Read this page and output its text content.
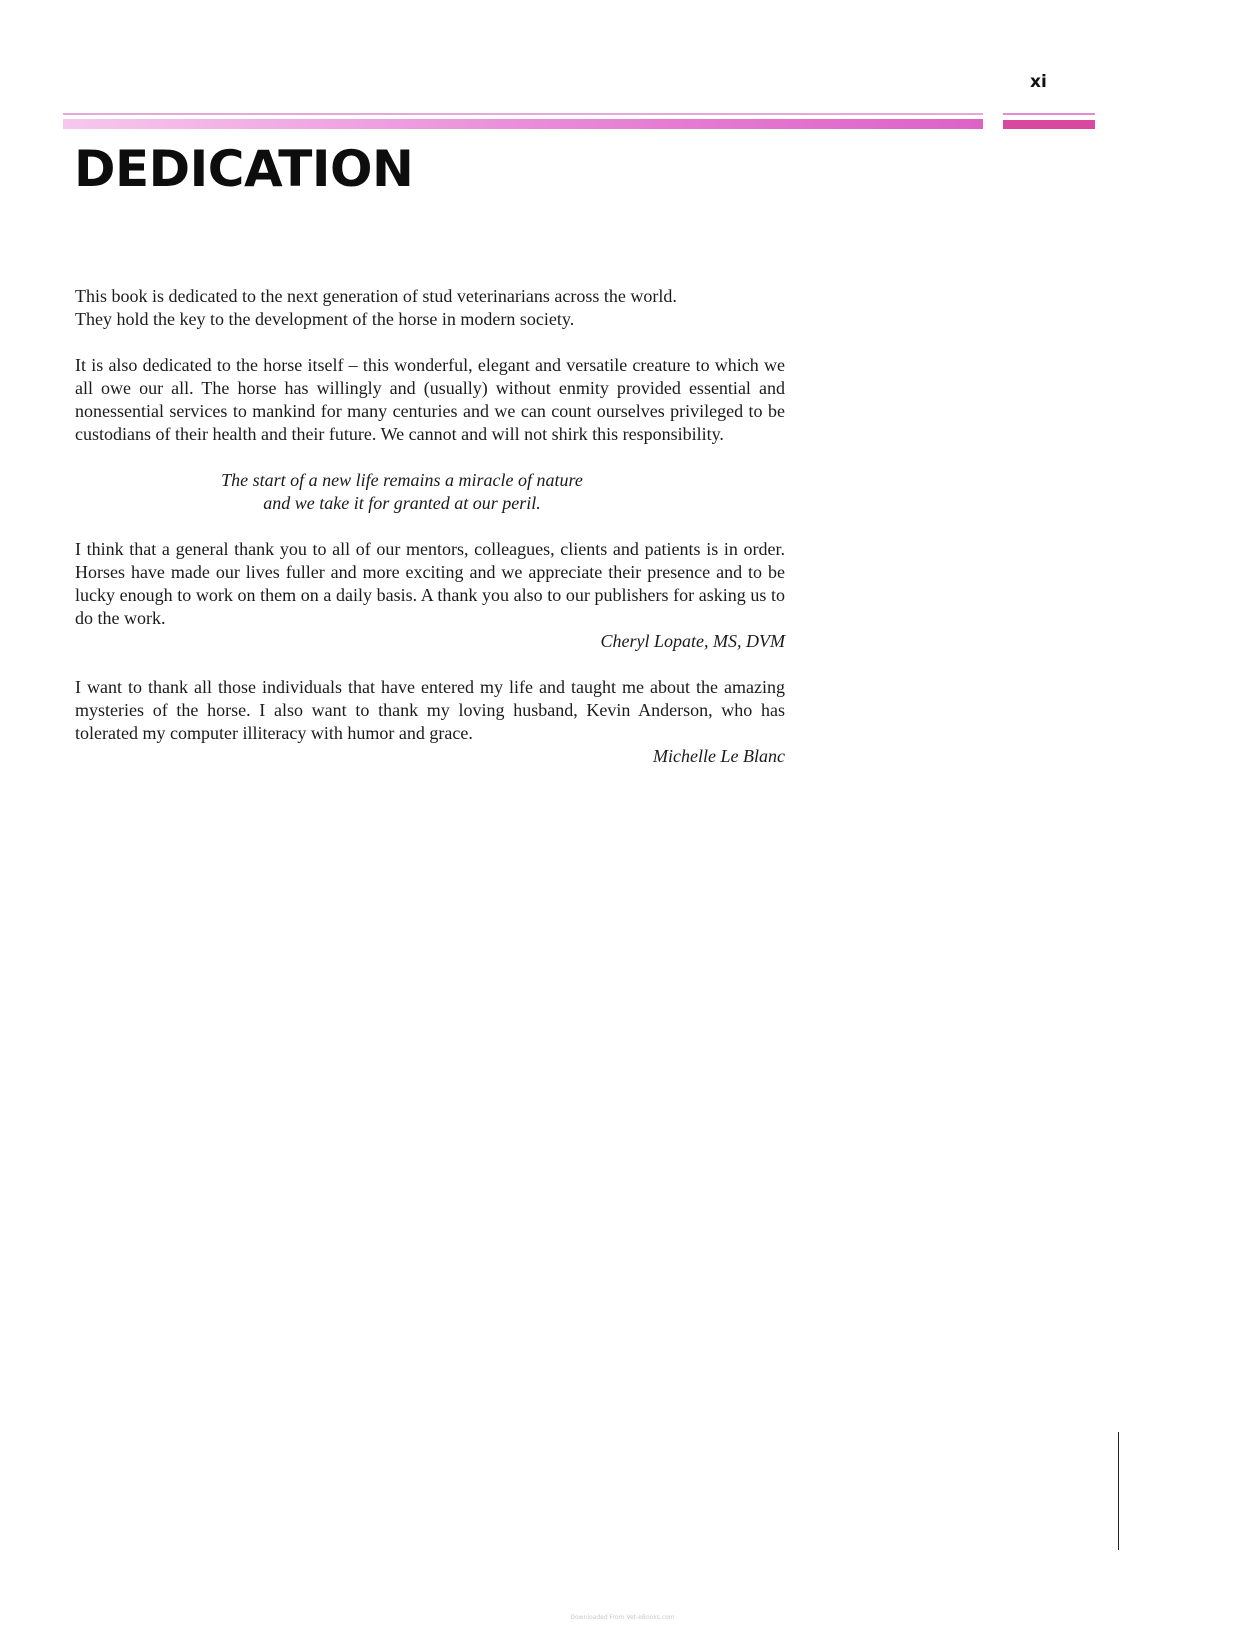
xi
DEDICATION

This book is dedicated to the next generation of stud veterinarians across the world.

They hold the key to the development of the horse in modern society.

It is also dedicated to the horse itself – this wonderful, elegant and versatile creature to which we all owe our all. The horse has willingly and (usually) without enmity provided essential and nonessential services to mankind for many centuries and we can count ourselves privileged to be custodians of their health and their future. We cannot and will not shirk this responsibility.

The start of a new life remains a miracle of nature

and we take it for granted at our peril.

I think that a general thank you to all of our mentors, colleagues, clients and patients is in order. Horses have made our lives fuller and more exciting and we appreciate their presence and to be lucky enough to work on them on a daily basis. A thank you also to our publishers for asking us to do the work.

Cheryl Lopate, MS, DVM

I want to thank all those individuals that have entered my life and taught me about the amazing mysteries of the horse. I also want to thank my loving husband, Kevin Anderson, who has tolerated my computer illiteracy with humor and grace.

Michelle Le Blanc

Downloaded From Vet-eBooks.com
